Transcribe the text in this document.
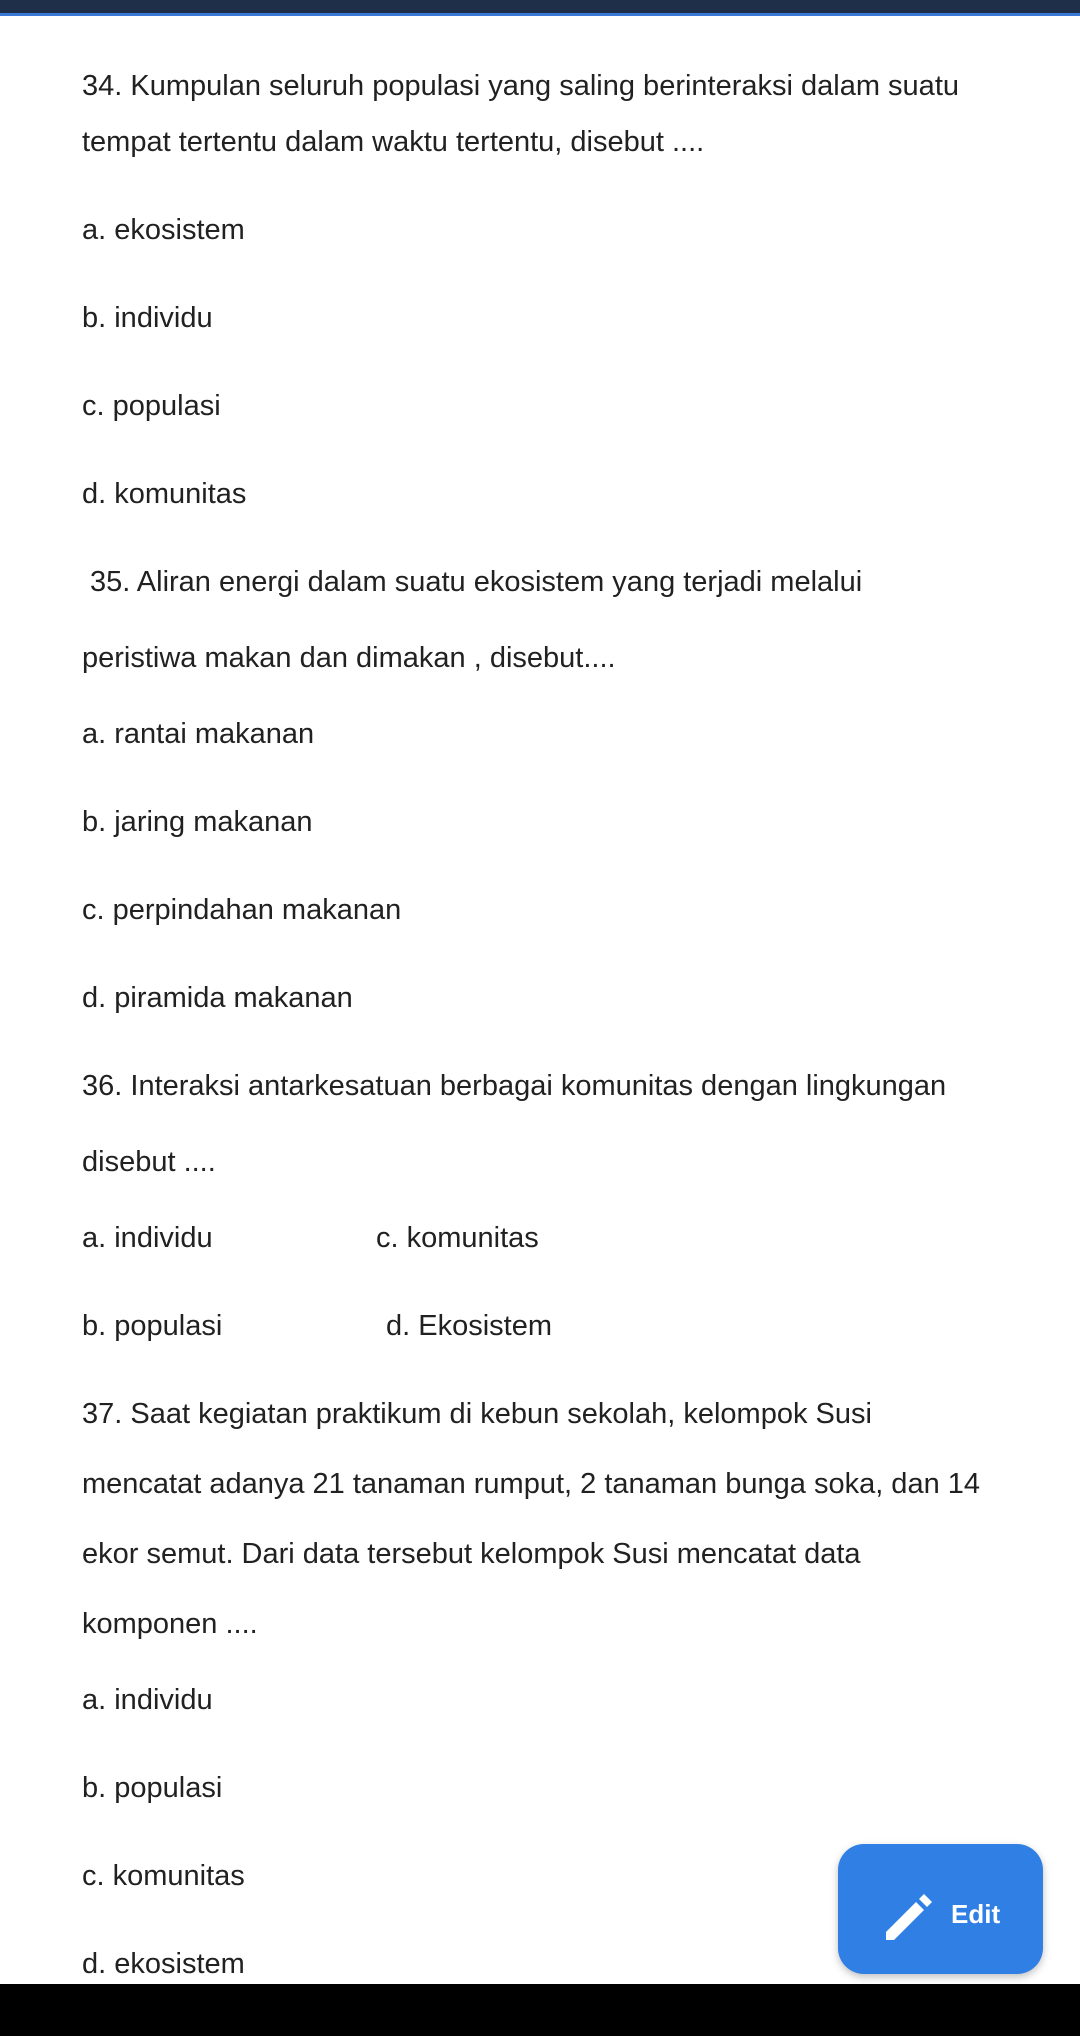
34. Kumpulan seluruh populasi yang saling berinteraksi dalam suatu
tempat tertentu dalam waktu tertentu, disebut ....
a. ekosistem
b. individu
c. populasi
d. komunitas
35. Aliran energi dalam suatu ekosistem yang terjadi melalui
peristiwa makan dan dimakan , disebut....
a. rantai makanan
b. jaring makanan
c. perpindahan makanan
d. piramida makanan
36. Interaksi antarkesatuan berbagai komunitas dengan lingkungan
disebut ....
a. individu	c. komunitas
b. populasi	d. Ekosistem
37. Saat kegiatan praktikum di kebun sekolah, kelompok Susi
mencatat adanya 21 tanaman rumput, 2 tanaman bunga soka, dan 14
ekor semut. Dari data tersebut kelompok Susi mencatat data
komponen ....
a. individu
b. populasi
c. komunitas
d. ekosistem
Edit
